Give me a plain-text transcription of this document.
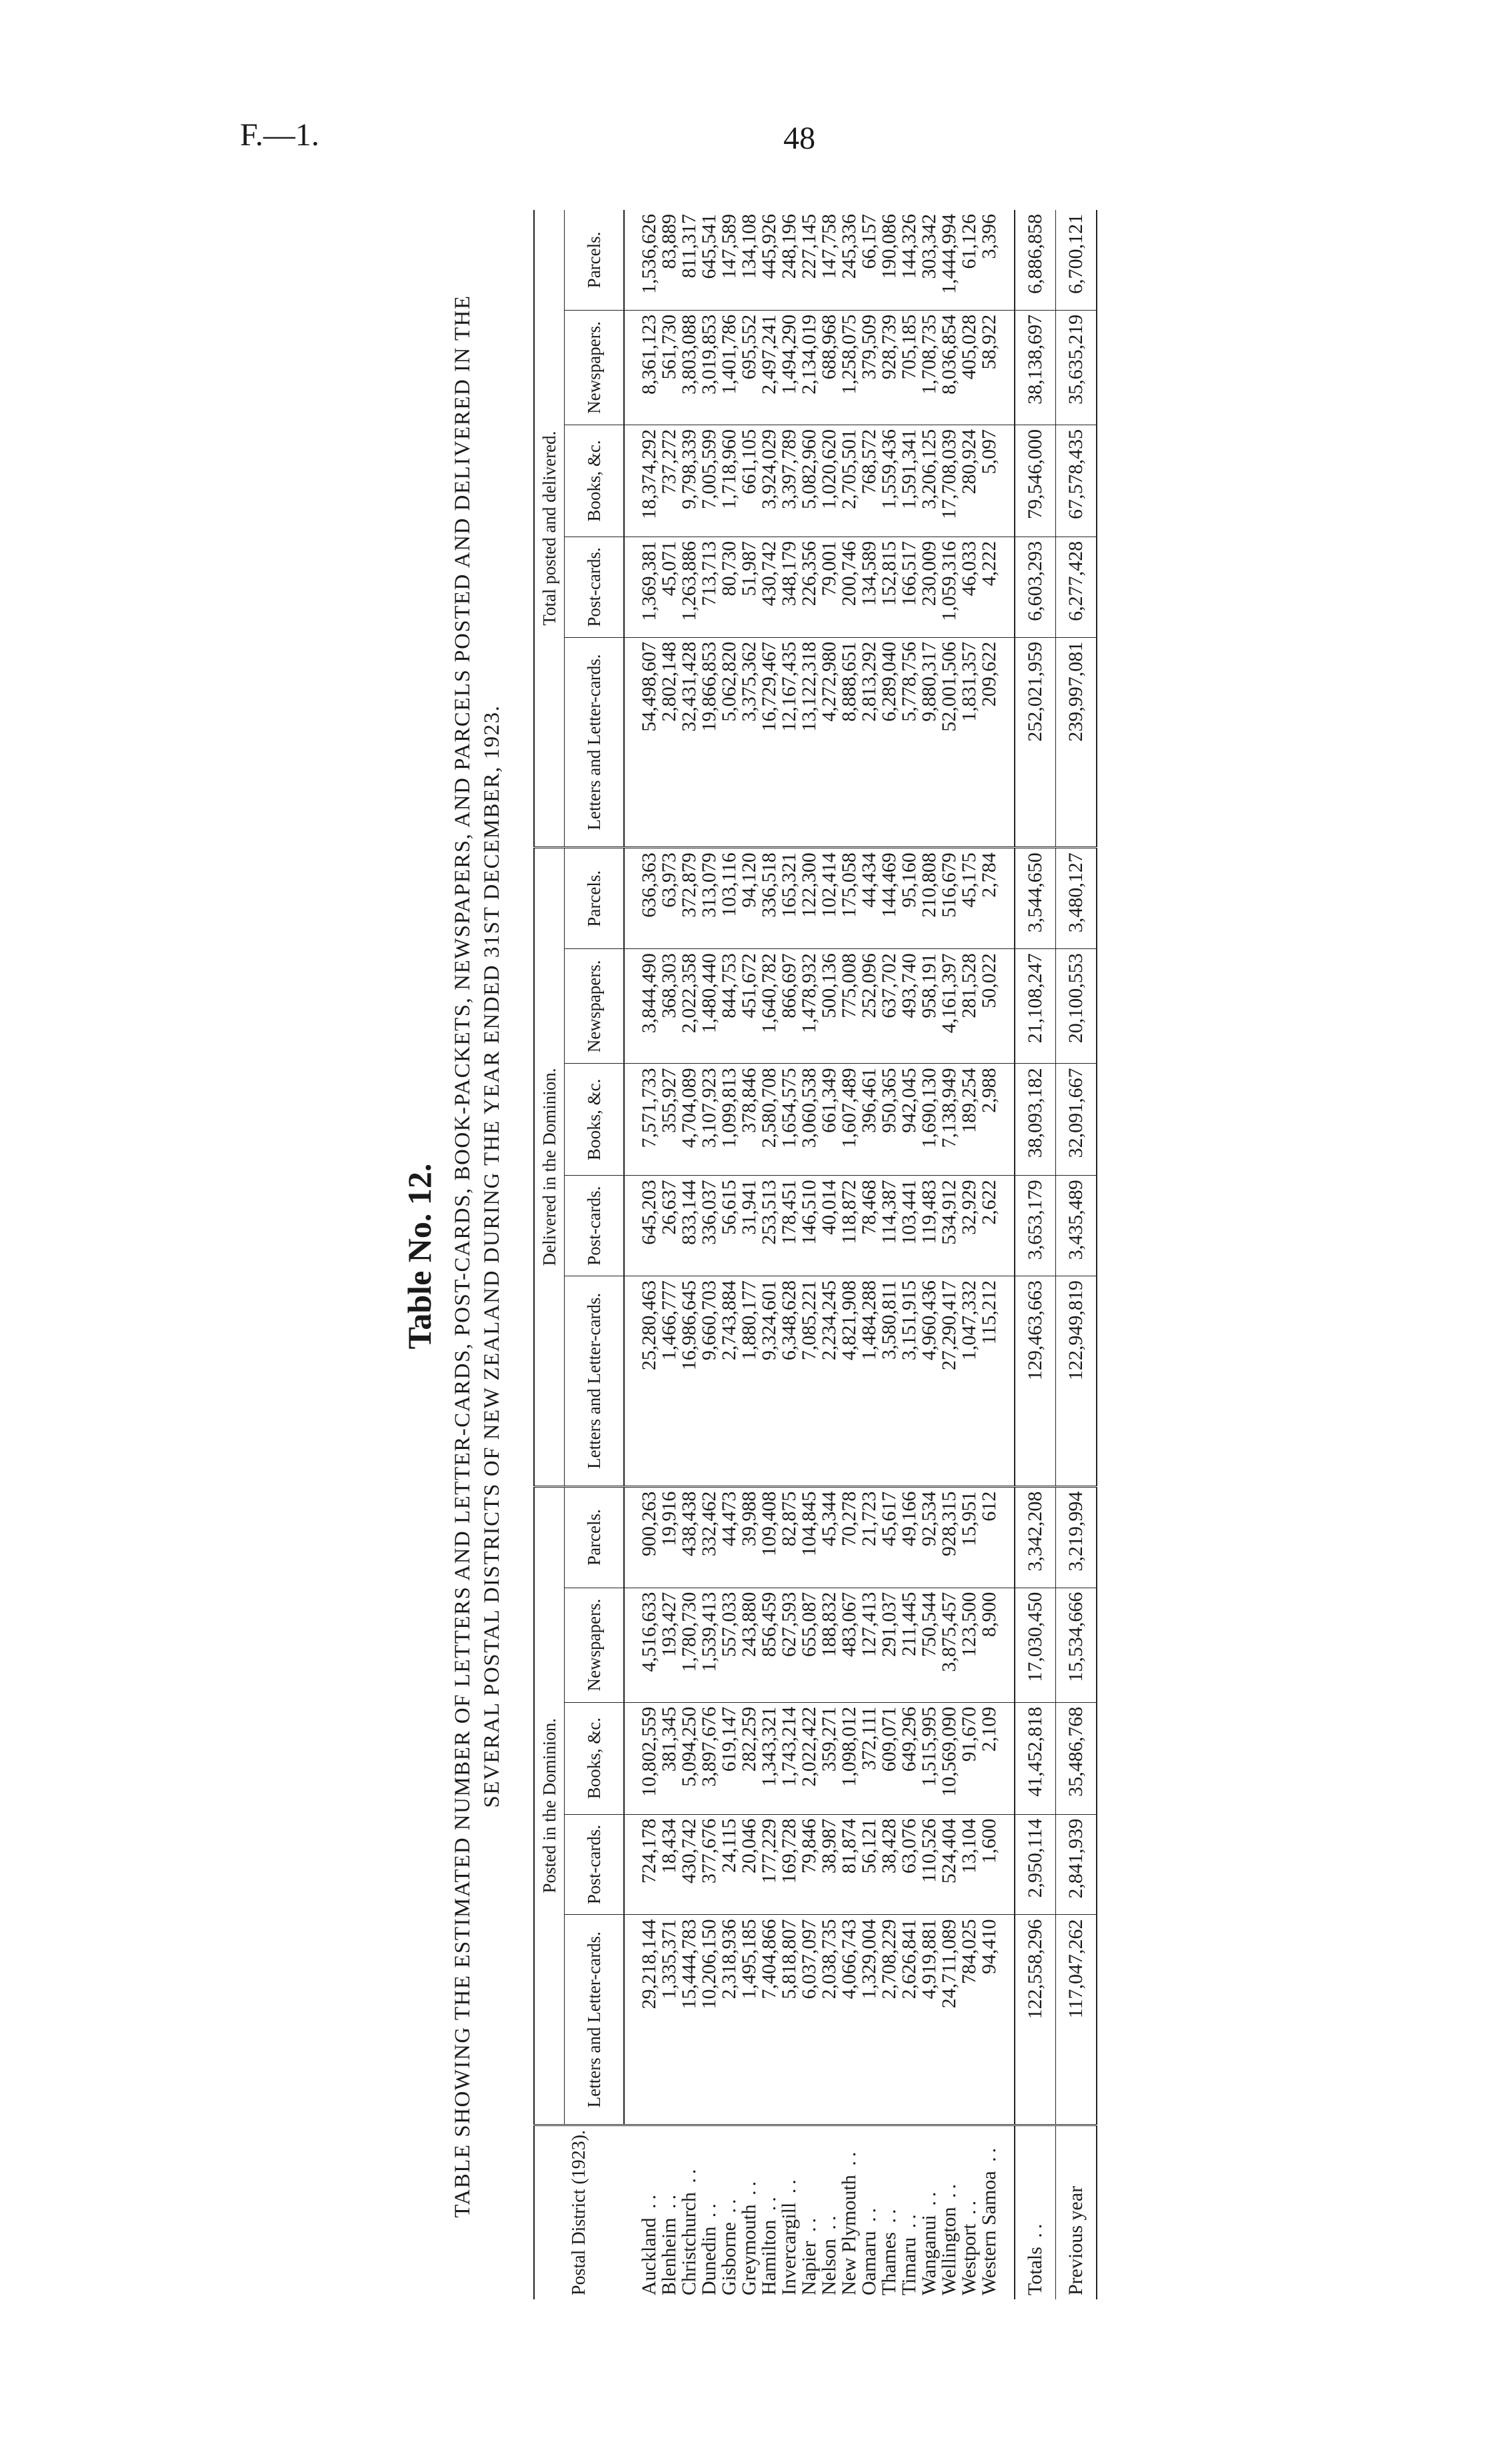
F.—1.	48
Table No. 12. TABLE SHOWING THE ESTIMATED NUMBER OF LETTERS AND LETTER-CARDS, POST-CARDS, BOOK-PACKETS, NEWSPAPERS, AND PARCELS POSTED AND DELIVERED IN THE SEVERAL POSTAL DISTRICTS OF NEW ZEALAND DURING THE YEAR ENDED 31ST DECEMBER, 1923.
Postal District (1923).	Posted in the Dominion.					Delivered in the Dominion.					Total posted and delivered.				
	Letters and Letter-cards.	Post-cards.	Books, &c.	Newspapers.	Parcels.	Letters and Letter-cards.	Post-cards.	Books, &c.	Newspapers.	Parcels.	Letters and Letter-cards.	Post-cards.	Books, &c.	Newspapers.	Parcels.

Auckland ..	29,218,144	724,178	10,802,559	4,516,633	900,263	25,280,463	645,203	7,571,733	3,844,490	636,363	54,498,607	1,369,381	18,374,292	8,361,123	1,536,626
Blenheim ..	1,335,371	18,434	381,345	193,427	19,916	1,466,777	26,637	355,927	368,303	63,973	2,802,148	45,071	737,272	561,730	83,889
Christchurch ..	15,444,783	430,742	5,094,250	1,780,730	438,438	16,986,645	833,144	4,704,089	2,022,358	372,879	32,431,428	1,263,886	9,798,339	3,803,088	811,317
Dunedin ..	10,206,150	377,676	3,897,676	1,539,413	332,462	9,660,703	336,037	3,107,923	1,480,440	313,079	19,866,853	713,713	7,005,599	3,019,853	645,541
Gisborne ..	2,318,936	24,115	619,147	557,033	44,473	2,743,884	56,615	1,099,813	844,753	103,116	5,062,820	80,730	1,718,960	1,401,786	147,589
Greymouth ..	1,495,185	20,046	282,259	243,880	39,988	1,880,177	31,941	378,846	451,672	94,120	3,375,362	51,987	661,105	695,552	134,108
Hamilton ..	7,404,866	177,229	1,343,321	856,459	109,408	9,324,601	253,513	2,580,708	1,640,782	336,518	16,729,467	430,742	3,924,029	2,497,241	445,926
Invercargill ..	5,818,807	169,728	1,743,214	627,593	82,875	6,348,628	178,451	1,654,575	866,697	165,321	12,167,435	348,179	3,397,789	1,494,290	248,196
Napier ..	6,037,097	79,846	2,022,422	655,087	104,845	7,085,221	146,510	3,060,538	1,478,932	122,300	13,122,318	226,356	5,082,960	2,134,019	227,145
Nelson ..	2,038,735	38,987	359,271	188,832	45,344	2,234,245	40,014	661,349	500,136	102,414	4,272,980	79,001	1,020,620	688,968	147,758
New Plymouth ..	4,066,743	81,874	1,098,012	483,067	70,278	4,821,908	118,872	1,607,489	775,008	175,058	8,888,651	200,746	2,705,501	1,258,075	245,336
Oamaru ..	1,329,004	56,121	372,111	127,413	21,723	1,484,288	78,468	396,461	252,096	44,434	2,813,292	134,589	768,572	379,509	66,157
Thames ..	2,708,229	38,428	609,071	291,037	45,617	3,580,811	114,387	950,365	637,702	144,469	6,289,040	152,815	1,559,436	928,739	190,086
Timaru ..	2,626,841	63,076	649,296	211,445	49,166	3,151,915	103,441	942,045	493,740	95,160	5,778,756	166,517	1,591,341	705,185	144,326
Wanganui ..	4,919,881	110,526	1,515,995	750,544	92,534	4,960,436	119,483	1,690,130	958,191	210,808	9,880,317	230,009	3,206,125	1,708,735	303,342
Wellington ..	24,711,089	524,404	10,569,090	3,875,457	928,315	27,290,417	534,912	7,138,949	4,161,397	516,679	52,001,506	1,059,316	17,708,039	8,036,854	1,444,994
Westport ..	784,025	13,104	91,670	123,500	15,951	1,047,332	32,929	189,254	281,528	45,175	1,831,357	46,033	280,924	405,028	61,126
Western Samoa ..	94,410	1,600	2,109	8,900	612	115,212	2,622	2,988	50,022	2,784	209,622	4,222	5,097	58,922	3,396

Totals ..	122,558,296	2,950,114	41,452,818	17,030,450	3,342,208	129,463,663	3,653,179	38,093,182	21,108,247	3,544,650	252,021,959	6,603,293	79,546,000	38,138,697	6,886,858
Previous year	117,047,262	2,841,939	35,486,768	15,534,666	3,219,994	122,949,819	3,435,489	32,091,667	20,100,553	3,480,127	239,997,081	6,277,428	67,578,435	35,635,219	6,700,121
